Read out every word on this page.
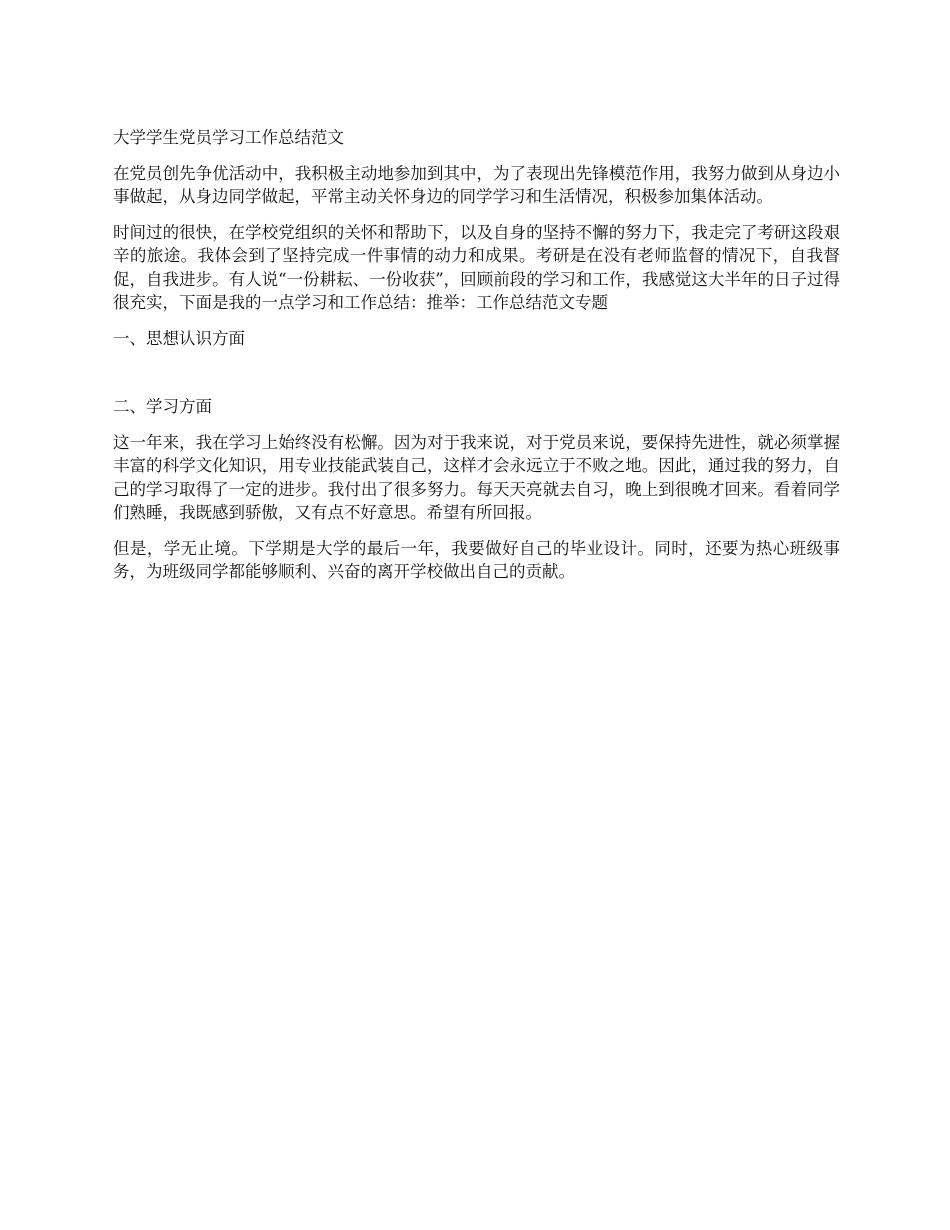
大学学生党员学习工作总结范文

在党员创先争优活动中，我积极主动地参加到其中，为了表现出先锋模范作用，我努力做到从身边小事做起，从身边同学做起，平常主动关怀身边的同学学习和生活情况，积极参加集体活动。

时间过的很快，在学校党组织的关怀和帮助下，以及自身的坚持不懈的努力下，我走完了考研这段艰辛的旅途。我体会到了坚持完成一件事情的动力和成果。考研是在没有老师监督的情况下，自我督促，自我进步。有人说“一份耕耘、一份收获”，回顾前段的学习和工作，我感觉这大半年的日子过得很充实，下面是我的一点学习和工作总结：推举：工作总结范文专题

一、思想认识方面

二、学习方面

这一年来，我在学习上始终没有松懈。因为对于我来说，对于党员来说，要保持先进性，就必须掌握丰富的科学文化知识，用专业技能武装自己，这样才会永远立于不败之地。因此，通过我的努力，自己的学习取得了一定的进步。我付出了很多努力。每天天亮就去自习，晚上到很晚才回来。看着同学们熟睡，我既感到骄傲，又有点不好意思。希望有所回报。

但是，学无止境。下学期是大学的最后一年，我要做好自己的毕业设计。同时，还要为热心班级事务，为班级同学都能够顺利、兴奋的离开学校做出自己的贡献。
